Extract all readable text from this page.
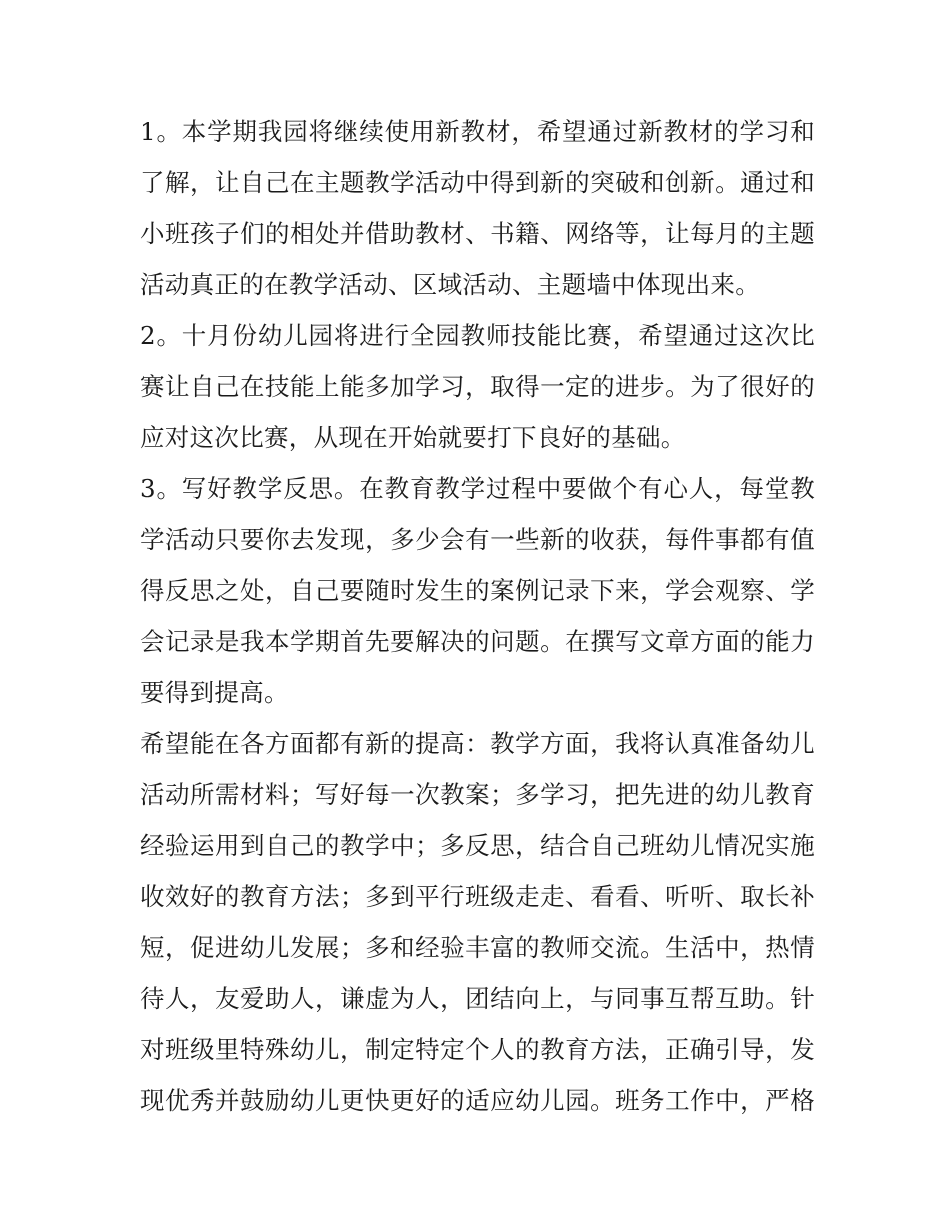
1。本学期我园将继续使用新教材，希望通过新教材的学习和
了解，让自己在主题教学活动中得到新的突破和创新。通过和
小班孩子们的相处并借助教材、书籍、网络等，让每月的主题
活动真正的在教学活动、区域活动、主题墙中体现出来。
2。十月份幼儿园将进行全园教师技能比赛，希望通过这次比
赛让自己在技能上能多加学习，取得一定的进步。为了很好的
应对这次比赛，从现在开始就要打下良好的基础。
3。写好教学反思。在教育教学过程中要做个有心人，每堂教
学活动只要你去发现，多少会有一些新的收获，每件事都有值
得反思之处，自己要随时发生的案例记录下来，学会观察、学
会记录是我本学期首先要解决的问题。在撰写文章方面的能力
要得到提高。
希望能在各方面都有新的提高：教学方面，我将认真准备幼儿
活动所需材料；写好每一次教案；多学习，把先进的幼儿教育
经验运用到自己的教学中；多反思，结合自己班幼儿情况实施
收效好的教育方法；多到平行班级走走、看看、听听、取长补
短，促进幼儿发展；多和经验丰富的教师交流。生活中，热情
待人，友爱助人，谦虚为人，团结向上，与同事互帮互助。针
对班级里特殊幼儿，制定特定个人的教育方法，正确引导，发
现优秀并鼓励幼儿更快更好的适应幼儿园。班务工作中，严格
